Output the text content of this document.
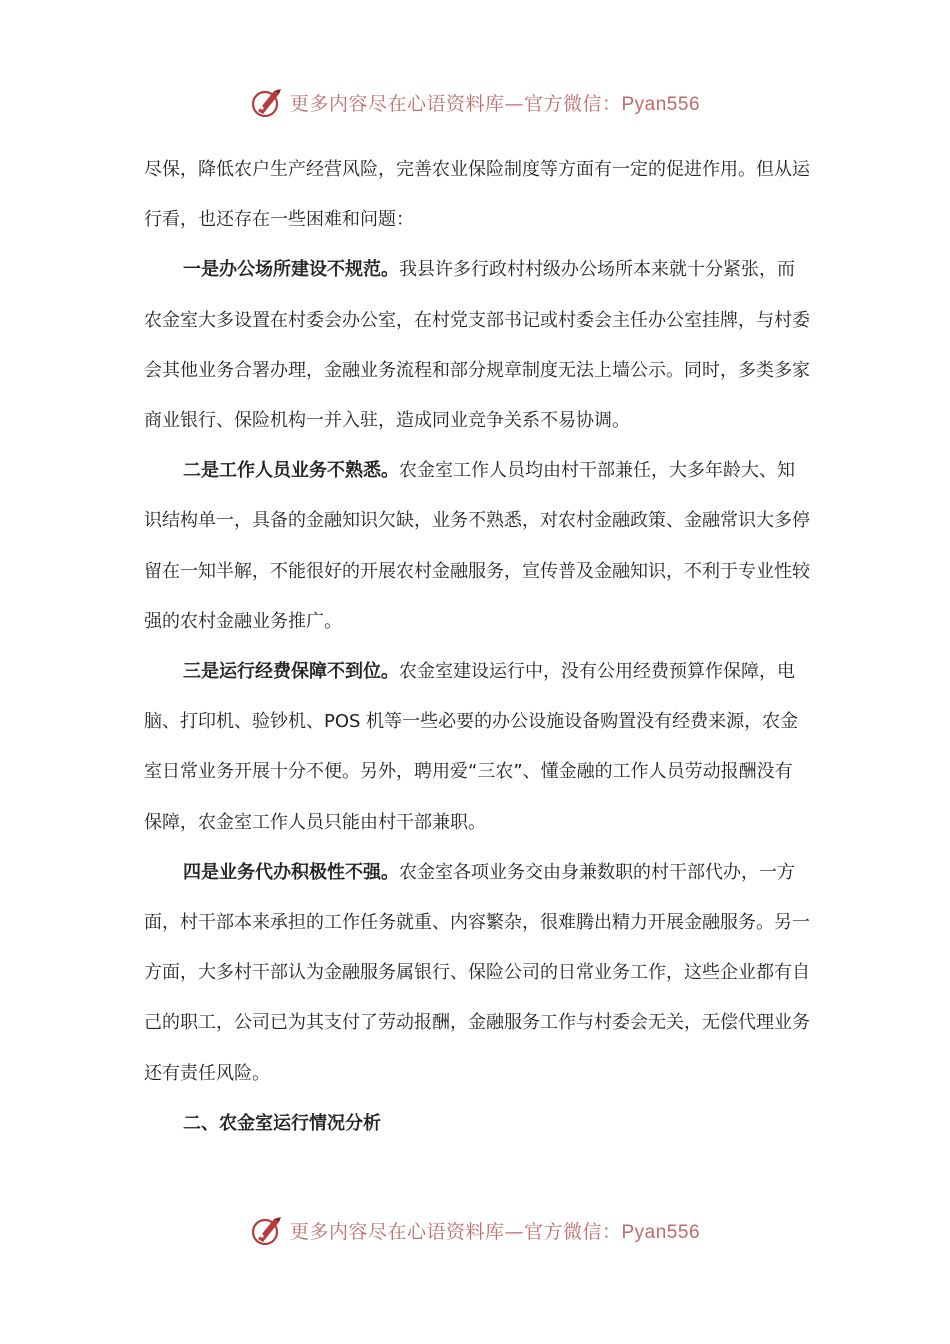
更多内容尽在心语资料库—官方微信：Pyan556

尽保，降低农户生产经营风险，完善农业保险制度等方面有一定的促进作用。但从运行看，也还存在一些困难和问题：

一是办公场所建设不规范。我县许多行政村村级办公场所本来就十分紧张，而农金室大多设置在村委会办公室，在村党支部书记或村委会主任办公室挂牌，与村委会其他业务合署办理，金融业务流程和部分规章制度无法上墙公示。同时，多类多家商业银行、保险机构一并入驻，造成同业竞争关系不易协调。

二是工作人员业务不熟悉。农金室工作人员均由村干部兼任，大多年龄大、知识结构单一，具备的金融知识欠缺，业务不熟悉，对农村金融政策、金融常识大多停留在一知半解，不能很好的开展农村金融服务，宣传普及金融知识，不利于专业性较强的农村金融业务推广。

三是运行经费保障不到位。农金室建设运行中，没有公用经费预算作保障，电脑、打印机、验钞机、POS 机等一些必要的办公设施设备购置没有经费来源，农金室日常业务开展十分不便。另外，聘用爱“三农”、懂金融的工作人员劳动报酬没有保障，农金室工作人员只能由村干部兼职。

四是业务代办积极性不强。农金室各项业务交由身兼数职的村干部代办，一方面，村干部本来承担的工作任务就重、内容繁杂，很难腾出精力开展金融服务。另一方面，大多村干部认为金融服务属银行、保险公司的日常业务工作，这些企业都有自己的职工，公司已为其支付了劳动报酬，金融服务工作与村委会无关，无偿代理业务还有责任风险。

二、农金室运行情况分析

更多内容尽在心语资料库—官方微信：Pyan556
